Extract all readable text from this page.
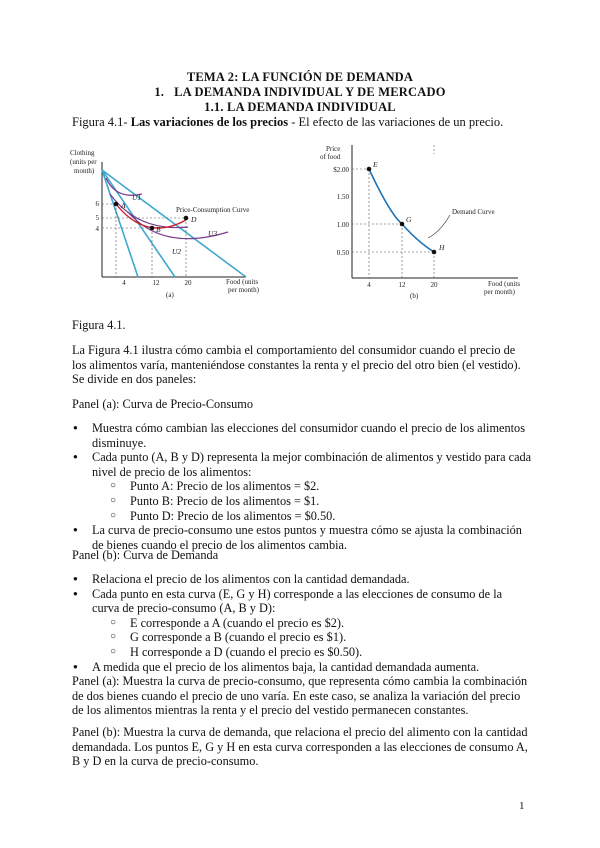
TEMA 2: LA FUNCIÓN DE DEMANDA
1.   LA DEMANDA INDIVIDUAL Y DE MERCADO
1.1. LA DEMANDA INDIVIDUAL
Figura 4.1- Las variaciones de los precios - El efecto de las variaciones de un precio.
Clothing
(units per
month)
A
B
D
U1
U2
U3
Price-Consumption Curve
6
5
4
4	12	20	Food (units
per month)
(a)
Price
of food
E
G
H
Demand Curve
$2.00
1.50
1.00
0.50
4	12	20	Food (units
per month)
(b)
Figura 4.1.
La Figura 4.1 ilustra cómo cambia el comportamiento del consumidor cuando el precio de los alimentos varía, manteniéndose constantes la renta y el precio del otro bien (el vestido). Se divide en dos paneles:
Panel (a): Curva de Precio-Consumo
● Muestra cómo cambian las elecciones del consumidor cuando el precio de los alimentos disminuye.
● Cada punto (A, B y D) representa la mejor combinación de alimentos y vestido para cada nivel de precio de los alimentos:
○ Punto A: Precio de los alimentos = $2.
○ Punto B: Precio de los alimentos = $1.
○ Punto D: Precio de los alimentos = $0.50.
● La curva de precio-consumo une estos puntos y muestra cómo se ajusta la combinación de bienes cuando el precio de los alimentos cambia.
Panel (b): Curva de Demanda
● Relaciona el precio de los alimentos con la cantidad demandada.
● Cada punto en esta curva (E, G y H) corresponde a las elecciones de consumo de la curva de precio-consumo (A, B y D):
○ E corresponde a A (cuando el precio es $2).
○ G corresponde a B (cuando el precio es $1).
○ H corresponde a D (cuando el precio es $0.50).
● A medida que el precio de los alimentos baja, la cantidad demandada aumenta.
Panel (a): Muestra la curva de precio-consumo, que representa cómo cambia la combinación de dos bienes cuando el precio de uno varía. En este caso, se analiza la variación del precio de los alimentos mientras la renta y el precio del vestido permanecen constantes.
Panel (b): Muestra la curva de demanda, que relaciona el precio del alimento con la cantidad demandada. Los puntos E, G y H en esta curva corresponden a las elecciones de consumo A, B y D en la curva de precio-consumo.
1
